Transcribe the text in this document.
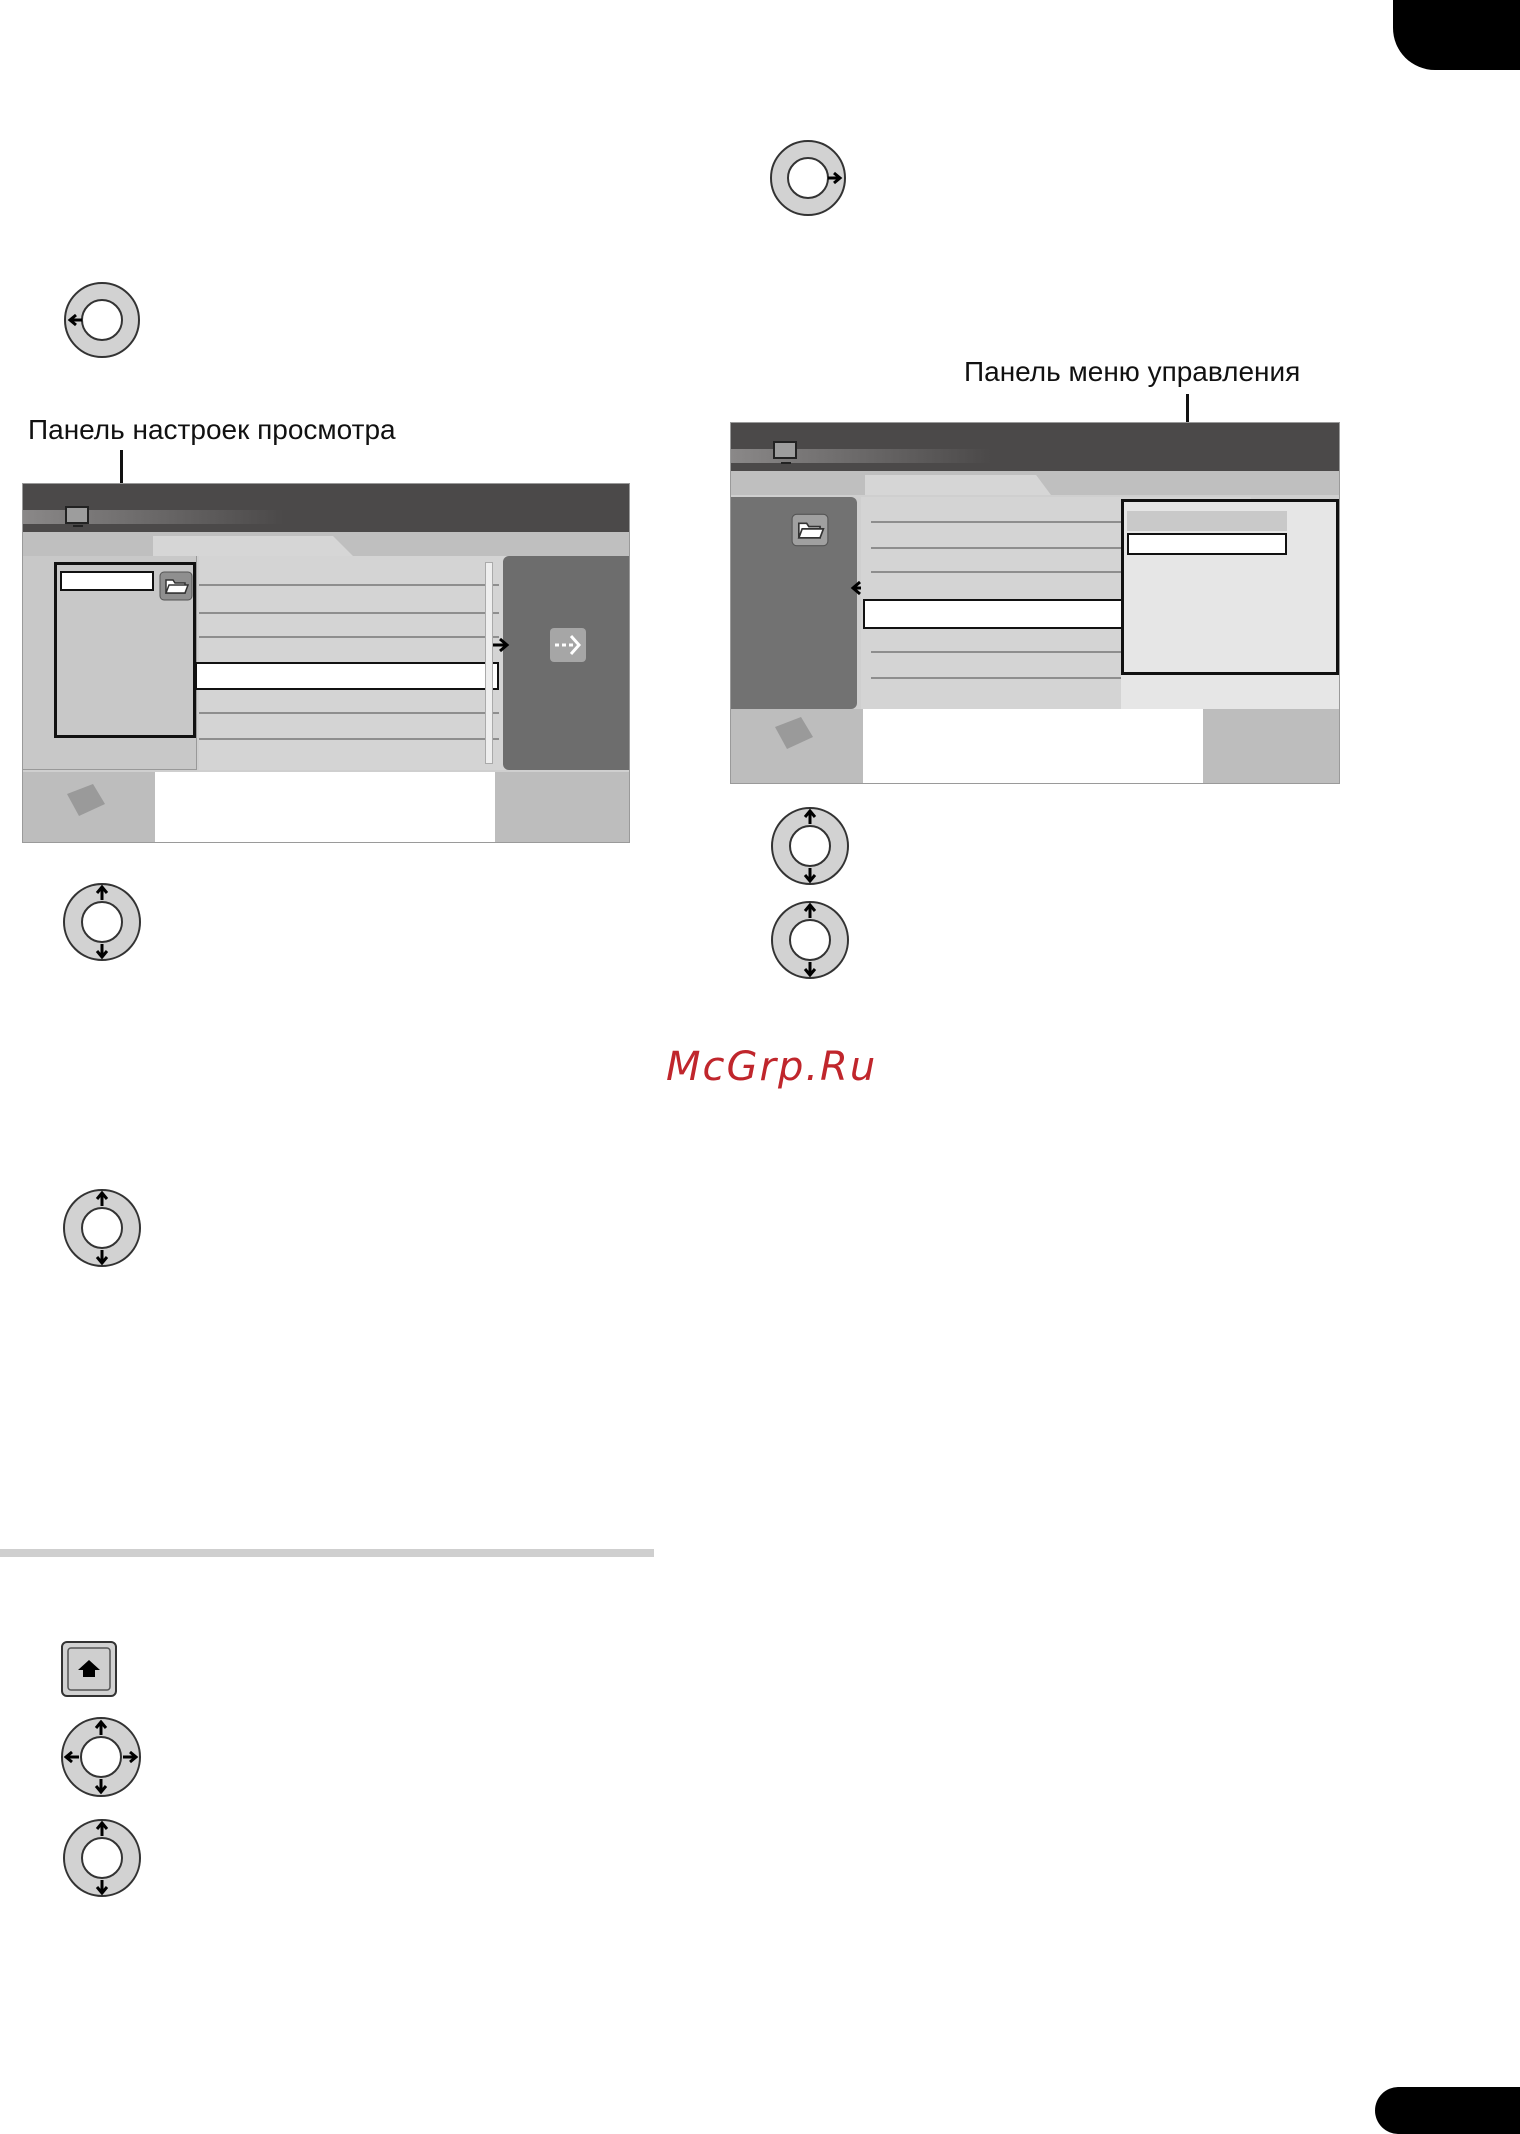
Панель настроек просмотра
Панель меню управления
McGrp.Ru
